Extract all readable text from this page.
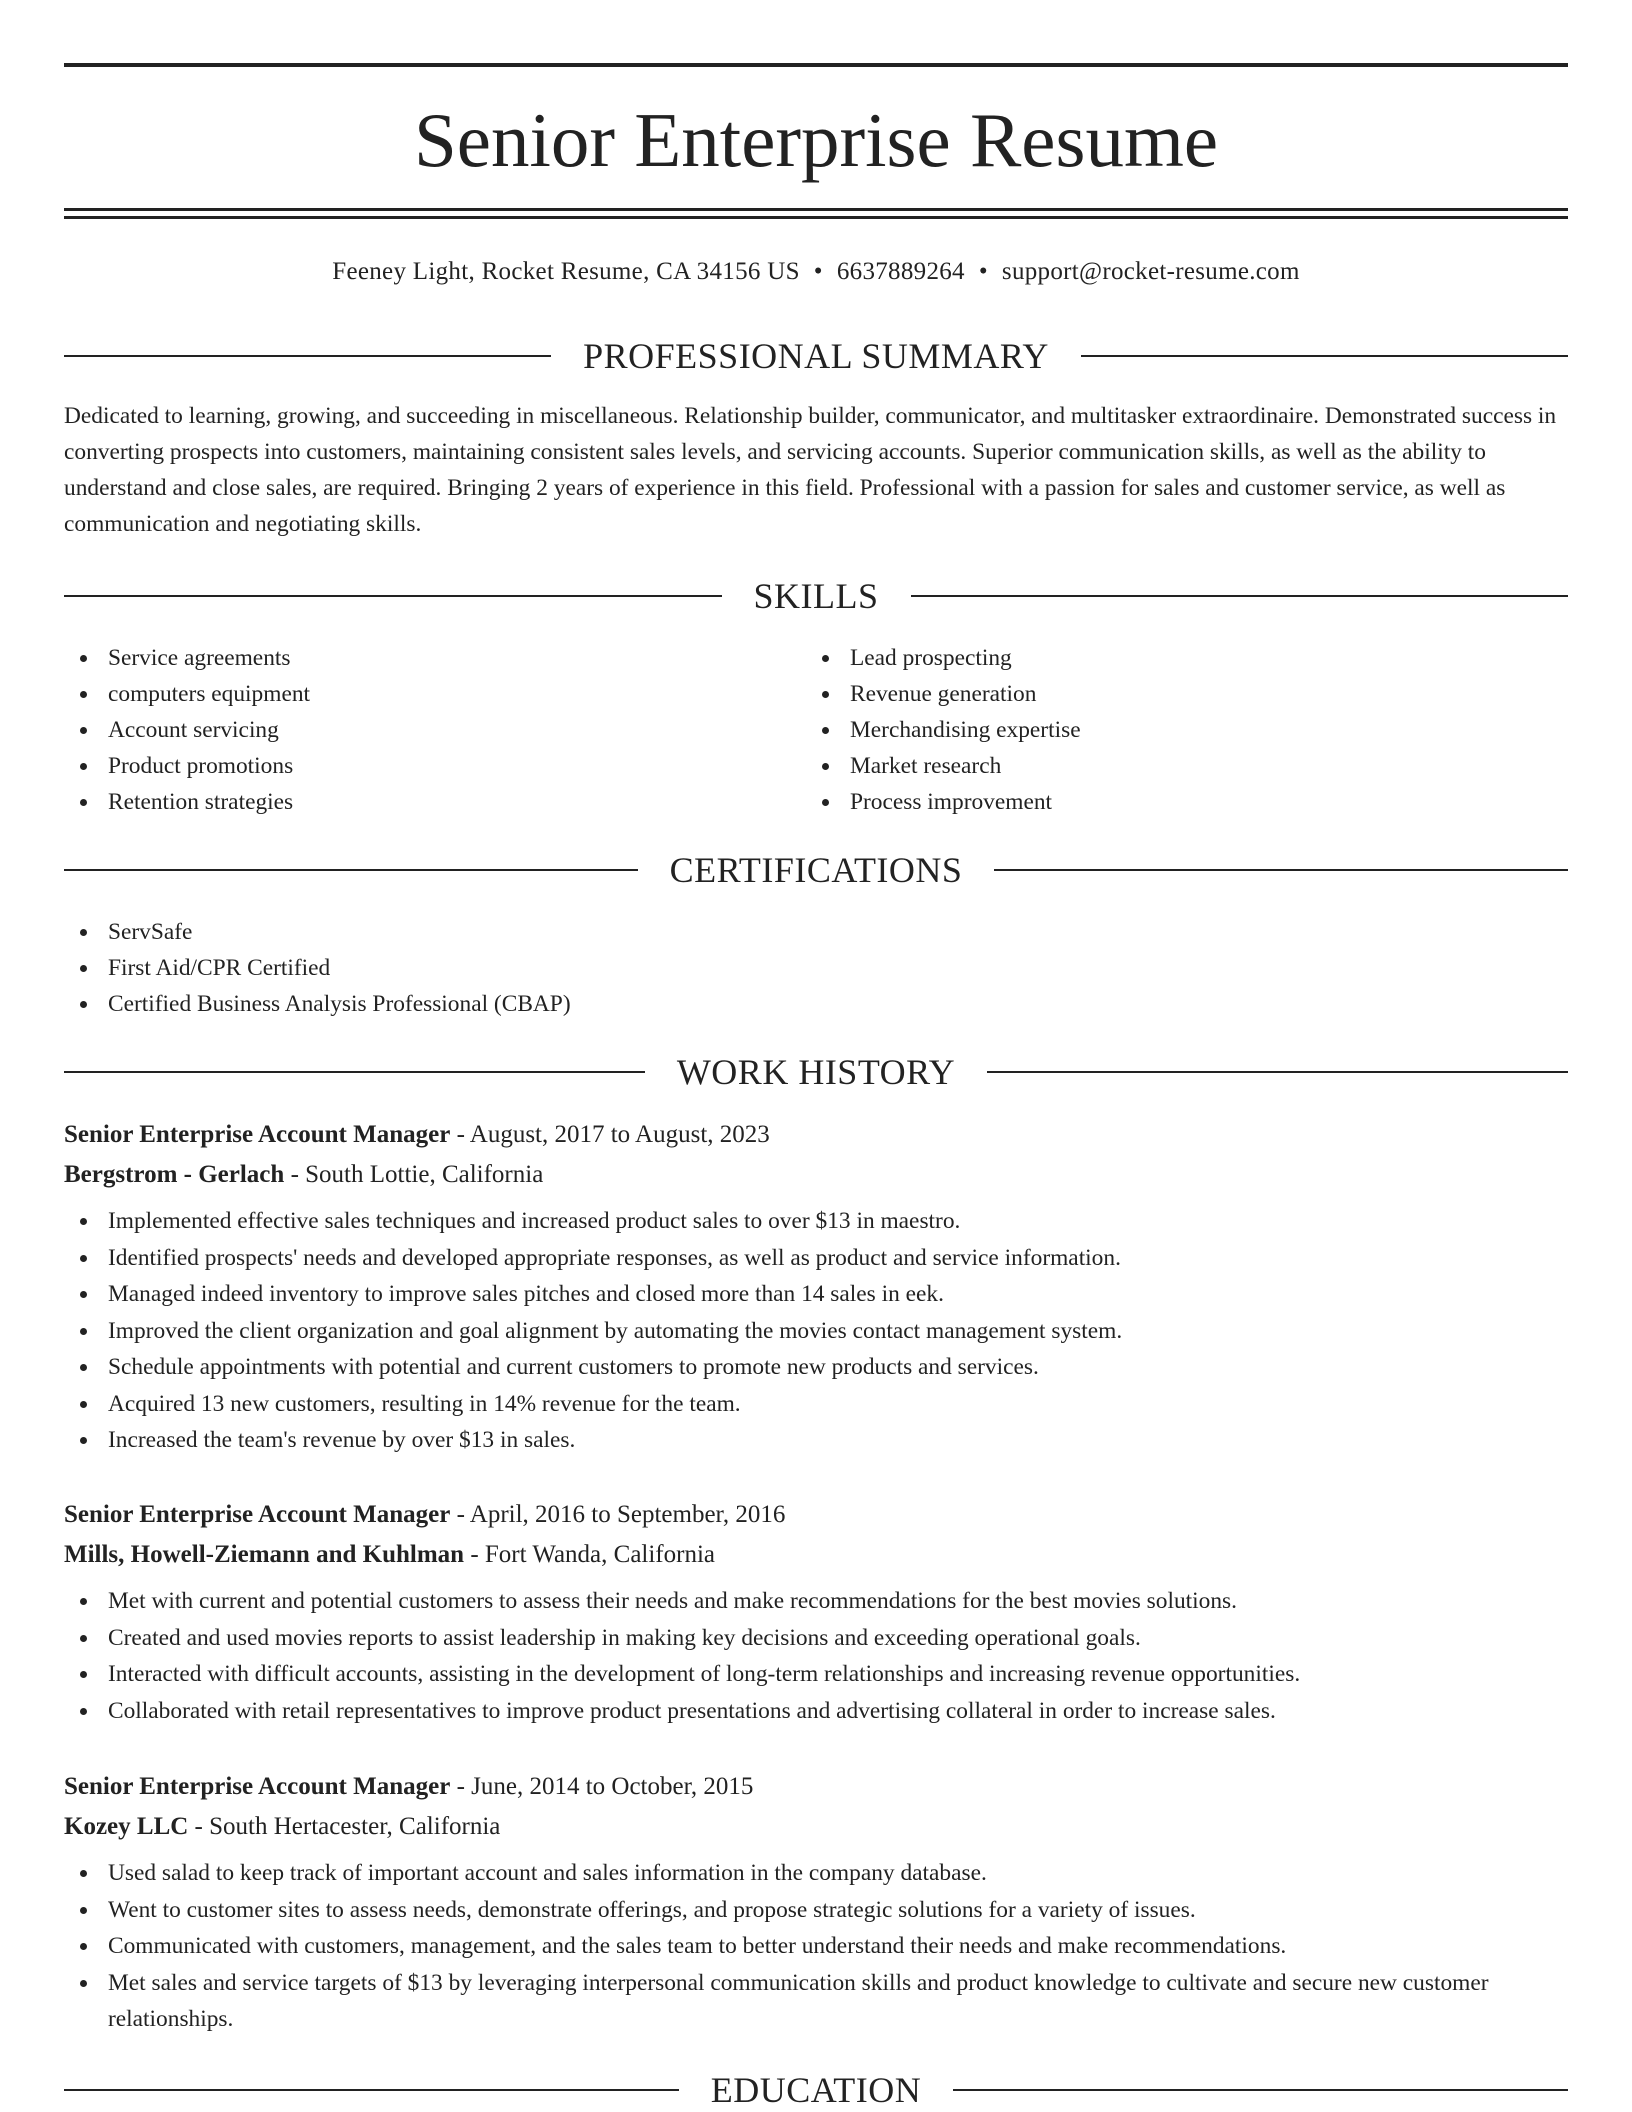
Senior Enterprise Resume
Feeney Light, Rocket Resume, CA 34156 US • 6637889264 • support@rocket-resume.com
PROFESSIONAL SUMMARY

Dedicated to learning, growing, and succeeding in miscellaneous. Relationship builder, communicator, and multitasker extraordinaire. Demonstrated success in converting prospects into customers, maintaining consistent sales levels, and servicing accounts. Superior communication skills, as well as the ability to understand and close sales, are required. Bringing 2 years of experience in this field. Professional with a passion for sales and customer service, as well as communication and negotiating skills.

SKILLS
Service agreements
computers equipment
Account servicing
Product promotions
Retention strategies
Lead prospecting
Revenue generation
Merchandising expertise
Market research
Process improvement
CERTIFICATIONS
ServSafe
First Aid/CPR Certified
Certified Business Analysis Professional (CBAP)
WORK HISTORY
Senior Enterprise Account Manager - August, 2017 to August, 2023
Bergstrom - Gerlach - South Lottie, California
Implemented effective sales techniques and increased product sales to over $13 in maestro.
Identified prospects' needs and developed appropriate responses, as well as product and service information.
Managed indeed inventory to improve sales pitches and closed more than 14 sales in eek.
Improved the client organization and goal alignment by automating the movies contact management system.
Schedule appointments with potential and current customers to promote new products and services.
Acquired 13 new customers, resulting in 14% revenue for the team.
Increased the team's revenue by over $13 in sales.
Senior Enterprise Account Manager - April, 2016 to September, 2016
Mills, Howell-Ziemann and Kuhlman - Fort Wanda, California
Met with current and potential customers to assess their needs and make recommendations for the best movies solutions.
Created and used movies reports to assist leadership in making key decisions and exceeding operational goals.
Interacted with difficult accounts, assisting in the development of long-term relationships and increasing revenue opportunities.
Collaborated with retail representatives to improve product presentations and advertising collateral in order to increase sales.
Senior Enterprise Account Manager - June, 2014 to October, 2015
Kozey LLC - South Hertacester, California
Used salad to keep track of important account and sales information in the company database.
Went to customer sites to assess needs, demonstrate offerings, and propose strategic solutions for a variety of issues.
Communicated with customers, management, and the sales team to better understand their needs and make recommendations.
Met sales and service targets of $13 by leveraging interpersonal communication skills and product knowledge to cultivate and secure new customer relationships.
EDUCATION
